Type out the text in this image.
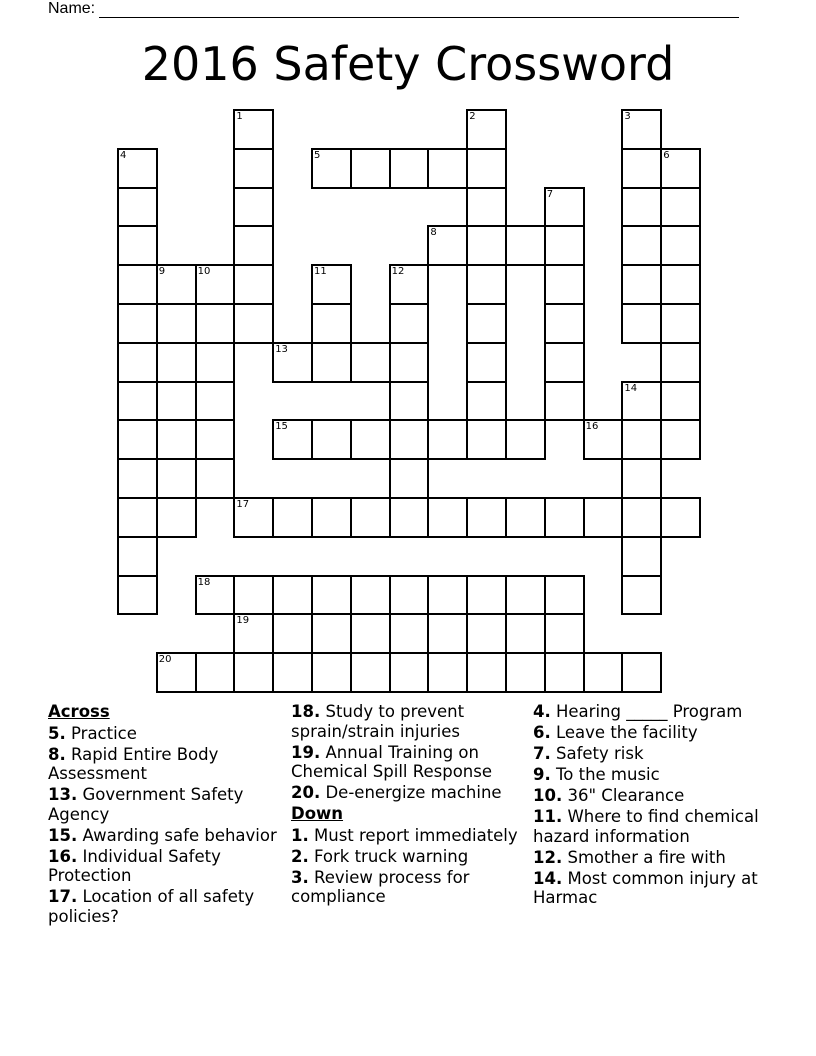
Name:
2016 Safety Crossword
1	2	3
4	5	6
7
8
9	10	11	12
13
14
15	16
17
18
19
20
Across
5. Practice
8. Rapid Entire Body Assessment
13. Government Safety Agency
15. Awarding safe behavior
16. Individual Safety Protection
17. Location of all safety policies?
18. Study to prevent sprain/strain injuries
19. Annual Training on Chemical Spill Response
20. De-energize machine
Down
1. Must report immediately
2. Fork truck warning
3. Review process for compliance
4. Hearing _____ Program
6. Leave the facility
7. Safety risk
9. To the music
10. 36" Clearance
11. Where to find chemical hazard information
12. Smother a fire with
14. Most common injury at Harmac
